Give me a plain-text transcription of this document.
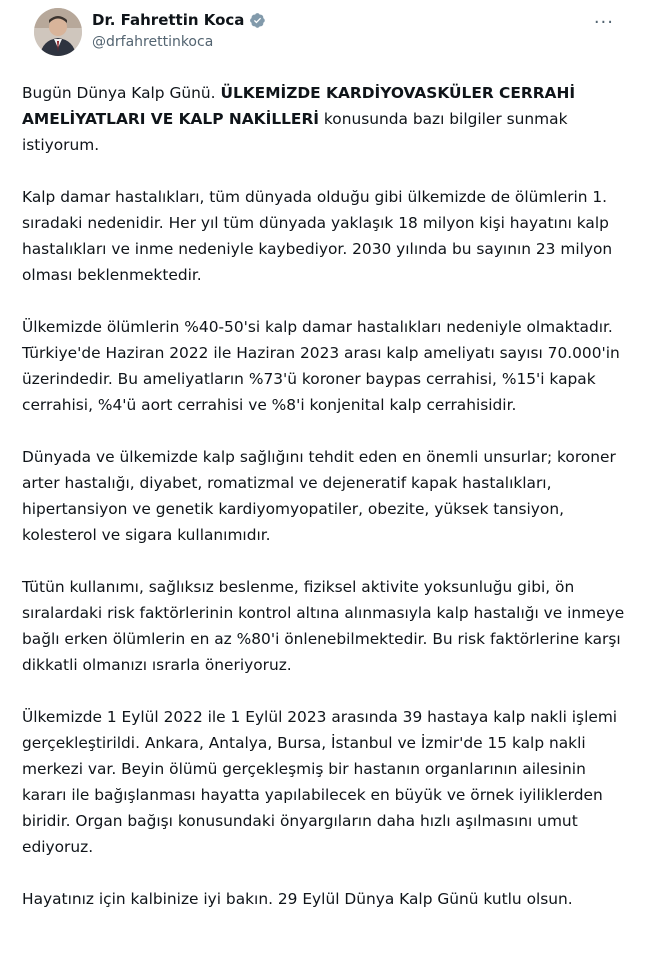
Dr. Fahrettin Koca
@drfahrettinkoca
···

Bugün Dünya Kalp Günü. ÜLKEMİZDE KARDİYOVASKÜLER CERRAHİ AMELİYATLARI VE KALP NAKİLLERİ konusunda bazı bilgiler sunmak istiyorum.

Kalp damar hastalıkları, tüm dünyada olduğu gibi ülkemizde de ölümlerin 1. sıradaki nedenidir. Her yıl tüm dünyada yaklaşık 18 milyon kişi hayatını kalp hastalıkları ve inme nedeniyle kaybediyor. 2030 yılında bu sayının 23 milyon olması beklenmektedir.

Ülkemizde ölümlerin %40-50'si kalp damar hastalıkları nedeniyle olmaktadır. Türkiye'de Haziran 2022 ile Haziran 2023 arası kalp ameliyatı sayısı 70.000'in üzerindedir. Bu ameliyatların %73'ü koroner baypas cerrahisi, %15'i kapak cerrahisi, %4'ü aort cerrahisi ve %8'i konjenital kalp cerrahisidir.

Dünyada ve ülkemizde kalp sağlığını tehdit eden en önemli unsurlar; koroner arter hastalığı, diyabet, romatizmal ve dejeneratif kapak hastalıkları, hipertansiyon ve genetik kardiyomyopatiler, obezite, yüksek tansiyon, kolesterol ve sigara kullanımıdır.

Tütün kullanımı, sağlıksız beslenme, fiziksel aktivite yoksunluğu gibi, ön sıralardaki risk faktörlerinin kontrol altına alınmasıyla kalp hastalığı ve inmeye bağlı erken ölümlerin en az %80'i önlenebilmektedir. Bu risk faktörlerine karşı dikkatli olmanızı ısrarla öneriyoruz.

Ülkemizde 1 Eylül 2022 ile 1 Eylül 2023 arasında 39 hastaya kalp nakli işlemi gerçekleştirildi. Ankara, Antalya, Bursa, İstanbul ve İzmir'de 15 kalp nakli merkezi var. Beyin ölümü gerçekleşmiş bir hastanın organlarının ailesinin kararı ile bağışlanması hayatta yapılabilecek en büyük ve örnek iyiliklerden biridir. Organ bağışı konusundaki önyargıların daha hızlı aşılmasını umut ediyoruz.

Hayatınız için kalbinize iyi bakın. 29 Eylül Dünya Kalp Günü kutlu olsun.
